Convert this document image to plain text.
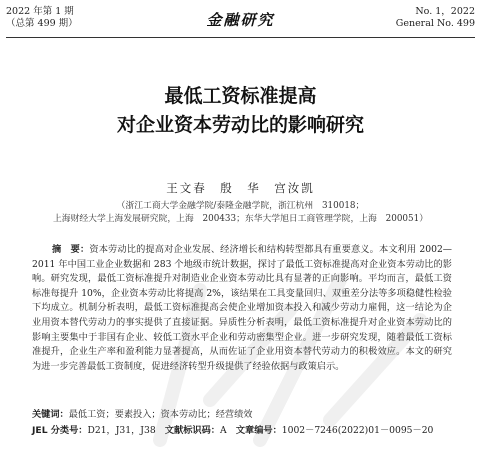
2022 年第 1 期
（总第 499 期）	金融研究	No. 1，2022
General No. 499
最低工资标准提高
对企业资本劳动比的影响研究
王文春　殷　华　宫汝凯
（浙江工商大学金融学院/泰隆金融学院，浙江杭州　310018；
上海财经大学上海发展研究院，上海　200433；东华大学旭日工商管理学院，上海　200051）

摘　要：资本劳动比的提高对企业发展、经济增长和结构转型都具有重要意义。本文利用 2002—2011 年中国工业企业数据和 283 个地级市统计数据，探讨了最低工资标准提高对企业资本劳动比的影响。研究发现，最低工资标准提升对制造业企业资本劳动比具有显著的正向影响。平均而言，最低工资标准每提升 10%，企业资本劳动比将提高 2%，该结果在工具变量回归、双重差分法等多项稳健性检验下均成立。机制分析表明，最低工资标准提高会使企业增加资本投入和减少劳动力雇佣，这一结论为企业用资本替代劳动力的事实提供了直接证据。异质性分析表明，最低工资标准提升对企业资本劳动比的影响主要集中于非国有企业、较低工资水平企业和劳动密集型企业。进一步研究发现，随着最低工资标准提升，企业生产率和盈利能力显著提高，从而佐证了企业用资本替代劳动力的积极效应。本文的研究为进一步完善最低工资制度，促进经济转型升级提供了经验依据与政策启示。

关键词：最低工资；要素投入；资本劳动比；经营绩效
JEL 分类号：D21，J31，J38　 文献标识码：A　 文章编号：1002－7246(2022)01－0095－20
